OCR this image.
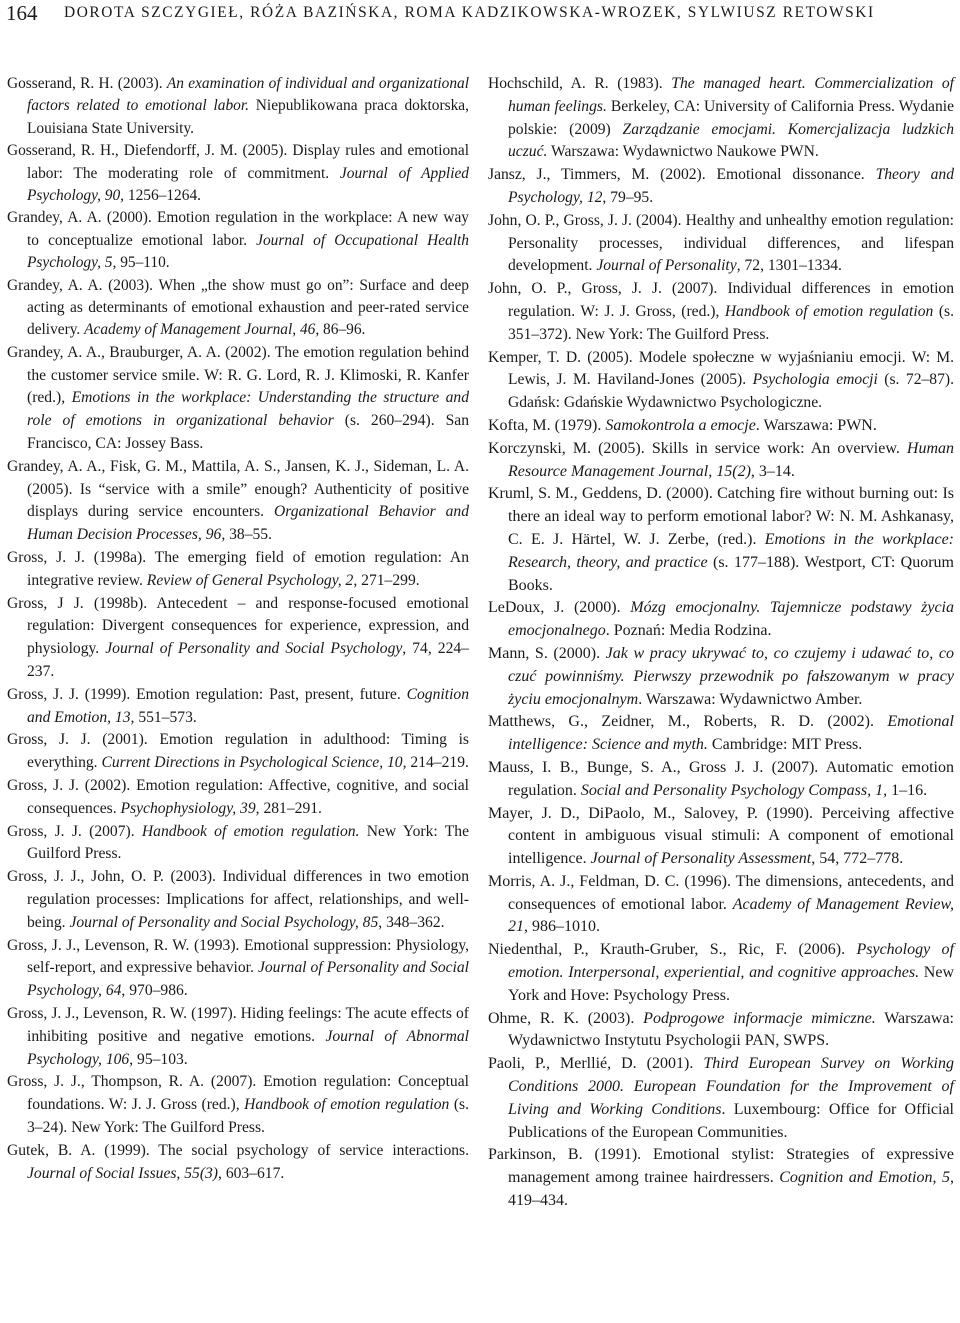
164 DOROTA SZCZYGIEŁ, RÓŻA BAZIŃSKA, ROMA KADZIKOWSKA-WROZEK, SYLWIUSZ RETOWSKI

Gosserand, R. H. (2003). An examination of individual and organizational factors related to emotional labor. Niepublikowana praca doktorska, Louisiana State University.

Gosserand, R. H., Diefendorff, J. M. (2005). Display rules and emotional labor: The moderating role of commitment. Journal of Applied Psychology, 90, 1256–1264.

Grandey, A. A. (2000). Emotion regulation in the workplace: A new way to conceptualize emotional labor. Journal of Occupational Health Psychology, 5, 95–110.

Grandey, A. A. (2003). When „the show must go on”: Surface and deep acting as determinants of emotional exhaustion and peer-rated service delivery. Academy of Management Journal, 46, 86–96.

Grandey, A. A., Brauburger, A. A. (2002). The emotion regulation behind the customer service smile. W: R. G. Lord, R. J. Klimoski, R. Kanfer (red.), Emotions in the workplace: Understanding the structure and role of emotions in organizational behavior (s. 260–294). San Francisco, CA: Jossey Bass.

Grandey, A. A., Fisk, G. M., Mattila, A. S., Jansen, K. J., Sideman, L. A. (2005). Is “service with a smile” enough? Authenticity of positive displays during service encounters. Organizational Behavior and Human Decision Processes, 96, 38–55.

Gross, J. J. (1998a). The emerging field of emotion regulation: An integrative review. Review of General Psychology, 2, 271–299.

Gross, J J. (1998b). Antecedent – and response-focused emotional regulation: Divergent consequences for experience, expression, and physiology. Journal of Personality and Social Psychology, 74, 224–237.

Gross, J. J. (1999). Emotion regulation: Past, present, future. Cognition and Emotion, 13, 551–573.

Gross, J. J. (2001). Emotion regulation in adulthood: Timing is everything. Current Directions in Psychological Science, 10, 214–219.

Gross, J. J. (2002). Emotion regulation: Affective, cognitive, and social consequences. Psychophysiology, 39, 281–291.

Gross, J. J. (2007). Handbook of emotion regulation. New York: The Guilford Press.

Gross, J. J., John, O. P. (2003). Individual differences in two emotion regulation processes: Implications for affect, relationships, and well-being. Journal of Personality and Social Psychology, 85, 348–362.

Gross, J. J., Levenson, R. W. (1993). Emotional suppression: Physiology, self-report, and expressive behavior. Journal of Personality and Social Psychology, 64, 970–986.

Gross, J. J., Levenson, R. W. (1997). Hiding feelings: The acute effects of inhibiting positive and negative emotions. Journal of Abnormal Psychology, 106, 95–103.

Gross, J. J., Thompson, R. A. (2007). Emotion regulation: Conceptual foundations. W: J. J. Gross (red.), Handbook of emotion regulation (s. 3–24). New York: The Guilford Press.

Gutek, B. A. (1999). The social psychology of service interactions. Journal of Social Issues, 55(3), 603–617.

Hochschild, A. R. (1983). The managed heart. Commercialization of human feelings. Berkeley, CA: University of California Press. Wydanie polskie: (2009) Zarządzanie emocjami. Komercjalizacja ludzkich uczuć. Warszawa: Wydawnictwo Naukowe PWN.

Jansz, J., Timmers, M. (2002). Emotional dissonance. Theory and Psychology, 12, 79–95.

John, O. P., Gross, J. J. (2004). Healthy and unhealthy emotion regulation: Personality processes, individual differences, and lifespan development. Journal of Personality, 72, 1301–1334.

John, O. P., Gross, J. J. (2007). Individual differences in emotion regulation. W: J. J. Gross, (red.), Handbook of emotion regulation (s. 351–372). New York: The Guilford Press.

Kemper, T. D. (2005). Modele społeczne w wyjaśnianiu emocji. W: M. Lewis, J. M. Haviland-Jones (2005). Psychologia emocji (s. 72–87). Gdańsk: Gdańskie Wydawnictwo Psychologiczne.

Kofta, M. (1979). Samokontrola a emocje. Warszawa: PWN.

Korczynski, M. (2005). Skills in service work: An overview. Human Resource Management Journal, 15(2), 3–14.

Kruml, S. M., Geddens, D. (2000). Catching fire without burning out: Is there an ideal way to perform emotional labor? W: N. M. Ashkanasy, C. E. J. Härtel, W. J. Zerbe, (red.). Emotions in the workplace: Research, theory, and practice (s. 177–188). Westport, CT: Quorum Books.

LeDoux, J. (2000). Mózg emocjonalny. Tajemnicze podstawy życia emocjonalnego. Poznań: Media Rodzina.

Mann, S. (2000). Jak w pracy ukrywać to, co czujemy i udawać to, co czuć powinniśmy. Pierwszy przewodnik po fałszowanym w pracy życiu emocjonalnym. Warszawa: Wydawnictwo Amber.

Matthews, G., Zeidner, M., Roberts, R. D. (2002). Emotional intelligence: Science and myth. Cambridge: MIT Press.

Mauss, I. B., Bunge, S. A., Gross J. J. (2007). Automatic emotion regulation. Social and Personality Psychology Compass, 1, 1–16.

Mayer, J. D., DiPaolo, M., Salovey, P. (1990). Perceiving affective content in ambiguous visual stimuli: A component of emotional intelligence. Journal of Personality Assessment, 54, 772–778.

Morris, A. J., Feldman, D. C. (1996). The dimensions, antecedents, and consequences of emotional labor. Academy of Management Review, 21, 986–1010.

Niedenthal, P., Krauth-Gruber, S., Ric, F. (2006). Psychology of emotion. Interpersonal, experiential, and cognitive approaches. New York and Hove: Psychology Press.

Ohme, R. K. (2003). Podprogowe informacje mimiczne. Warszawa: Wydawnictwo Instytutu Psychologii PAN, SWPS.

Paoli, P., Merllié, D. (2001). Third European Survey on Working Conditions 2000. European Foundation for the Improvement of Living and Working Conditions. Luxembourg: Office for Official Publications of the European Communities.

Parkinson, B. (1991). Emotional stylist: Strategies of expressive management among trainee hairdressers. Cognition and Emotion, 5, 419–434.
